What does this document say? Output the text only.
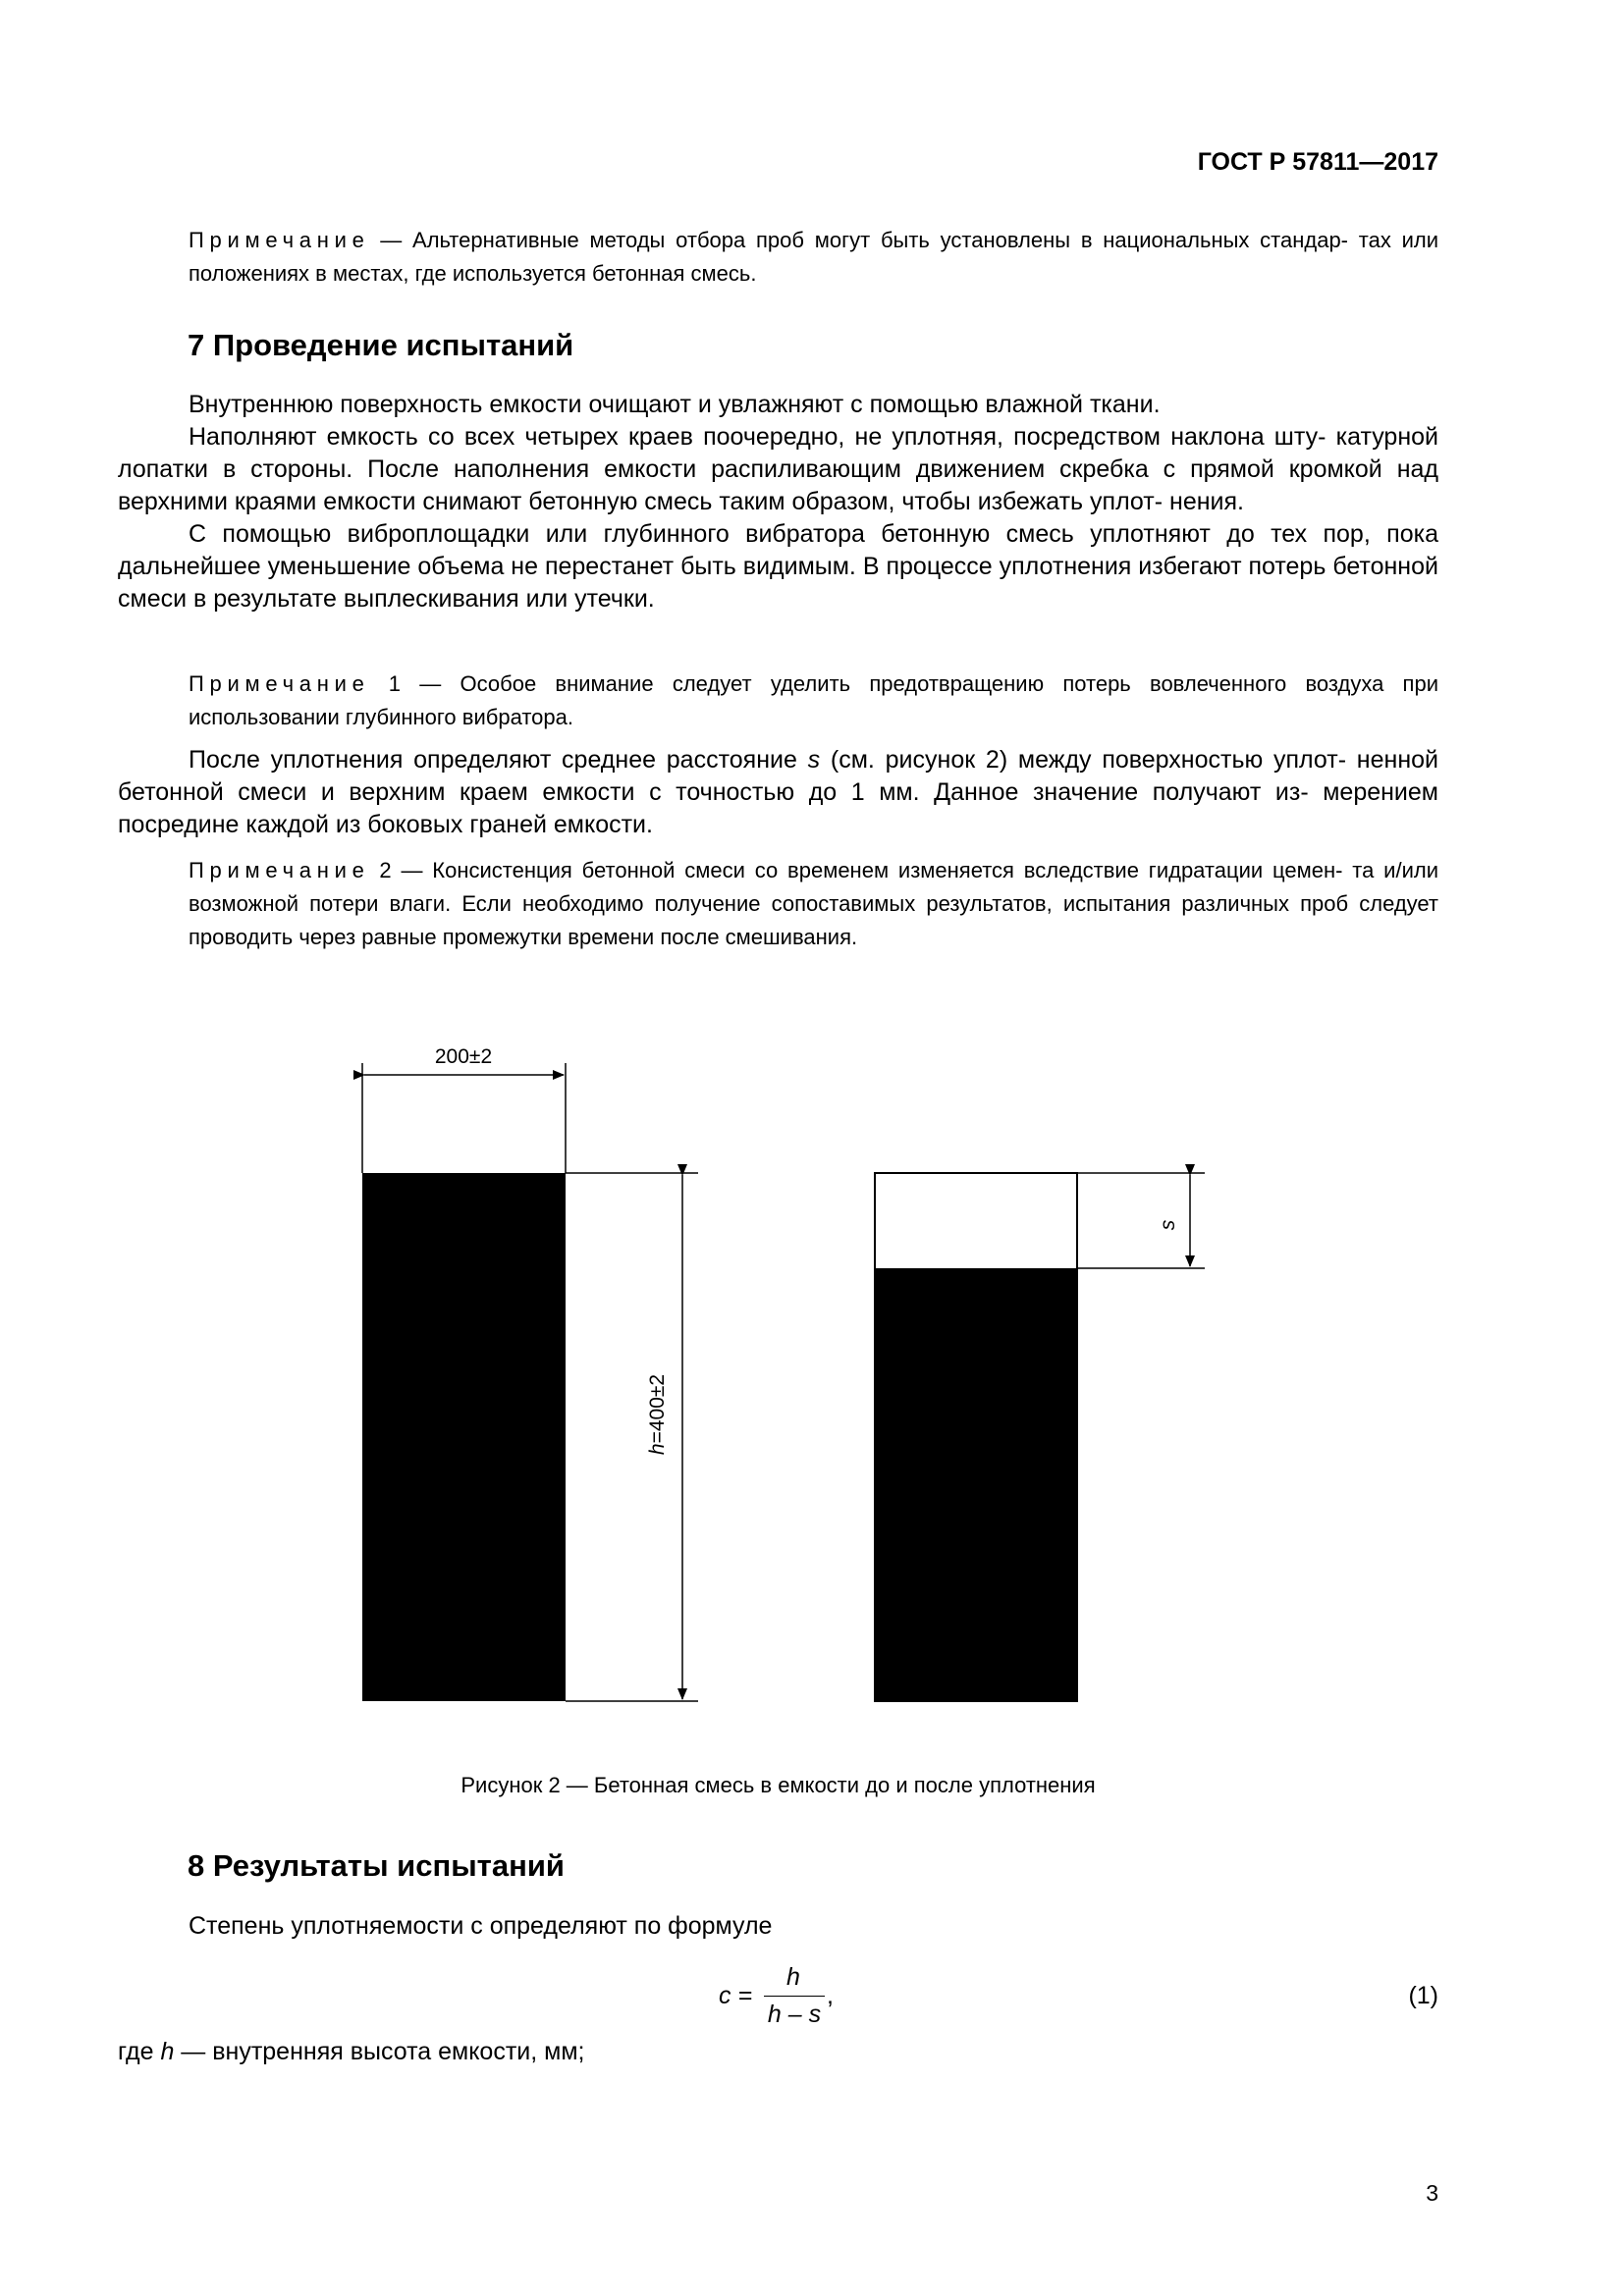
ГОСТ Р 57811—2017
Примечание — Альтернативные методы отбора проб могут быть установлены в национальных стандар- тах или положениях в местах, где используется бетонная смесь.
7 Проведение испытаний

Внутреннюю поверхность емкости очищают и увлажняют с помощью влажной ткани.

Наполняют емкость со всех четырех краев поочередно, не уплотняя, посредством наклона шту- катурной лопатки в стороны. После наполнения емкости распиливающим движением скребка с прямой кромкой над верхними краями емкости снимают бетонную смесь таким образом, чтобы избежать уплот- нения.

С помощью виброплощадки или глубинного вибратора бетонную смесь уплотняют до тех пор, пока дальнейшее уменьшение объема не перестанет быть видимым. В процессе уплотнения избегают потерь бетонной смеси в результате выплескивания или утечки.

Примечание 1 — Особое внимание следует уделить предотвращению потерь вовлеченного воздуха при использовании глубинного вибратора.

После уплотнения определяют среднее расстояние s (см. рисунок 2) между поверхностью уплот- ненной бетонной смеси и верхним краем емкости с точностью до 1 мм. Данное значение получают из- мерением посредине каждой из боковых граней емкости.

Примечание 2 — Консистенция бетонной смеси со временем изменяется вследствие гидратации цемен- та и/или возможной потери влаги. Если необходимо получение сопоставимых результатов, испытания различных проб следует проводить через равные промежутки времени после смешивания.
200±2
h=400±2
s
Рисунок 2 — Бетонная смесь в емкости до и после уплотнения
8 Результаты испытаний

Степень уплотняемости c определяют по формуле

c =
h
h – s
,	(1)
где h — внутренняя высота емкости, мм;
3
